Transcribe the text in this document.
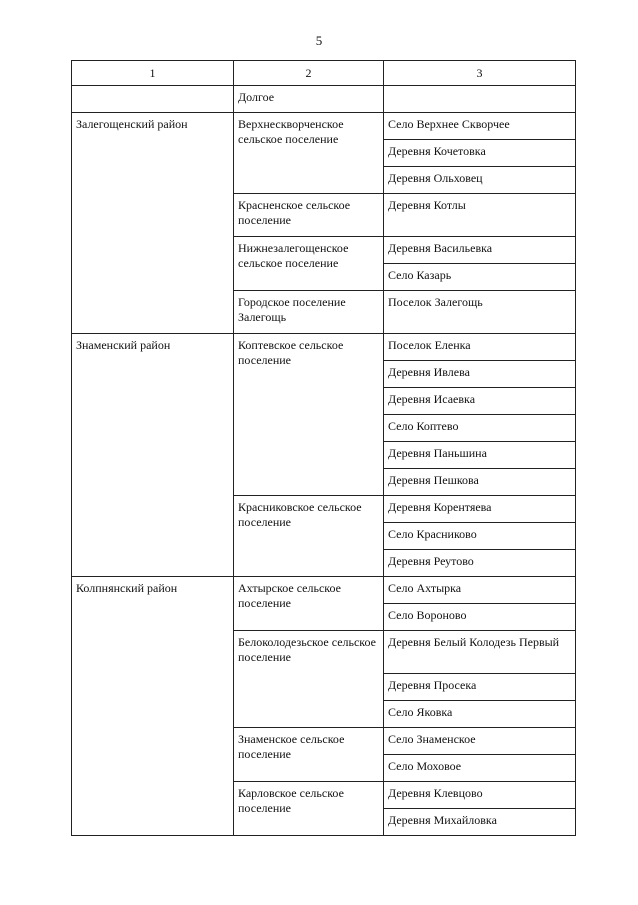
5
1	2	3
	Долгое	
Залегощенский район	Верхнескворченское сельское поселение	Село Верхнее Скворчее
		Деревня Кочетовка
		Деревня Ольховец
	Красненское сельское поселение	Деревня Котлы
	Нижнезалегощенское сельское поселение	Деревня Васильевка
		Село Казарь
	Городское поселение Залегощь	Поселок Залегощь
Знаменский район	Коптевское сельское поселение	Поселок Еленка
		Деревня Ивлева
		Деревня Исаевка
		Село Коптево
		Деревня Паньшина
		Деревня Пешкова
	Красниковское сельское поселение	Деревня Корентяева
		Село Красниково
		Деревня Реутово
Колпнянский район	Ахтырское сельское поселение	Село Ахтырка
		Село Вороново
	Белоколодезьское сельское поселение	Деревня Белый Колодезь Первый
		Деревня Просека
		Село Яковка
	Знаменское сельское поселение	Село Знаменское
		Село Моховое
	Карловское сельское поселение	Деревня Клевцово
		Деревня Михайловка
